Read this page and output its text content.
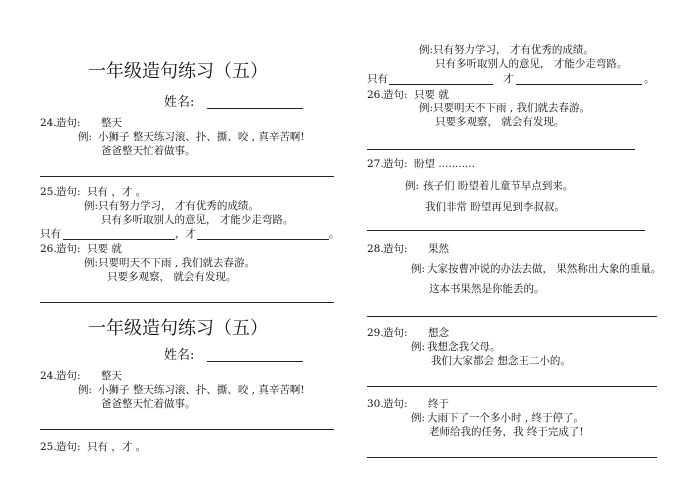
一年级造句练习（五）
姓名:
24. 造句: 整天
例: 小狮子 整天练习滚、扑、撕、咬 , 真辛苦啊!
爸爸整天忙着做事。
25. 造句: 只有 ，才 。
例: 只有努力学习， 才有优秀的成绩。
只有多听取别人的意见， 才能少走弯路。
只有	，才	。
26. 造句: 只要 就
例: 只要明天不下雨 , 我们就去春游。
只要多观察， 就会有发现。
一年级造句练习（五）
姓名:
24. 造句: 整天
例: 小狮子 整天练习滚、扑、撕、咬 , 真辛苦啊!
爸爸整天忙着做事。
25. 造句: 只有 ，才 。
例: 只有努力学习， 才有优秀的成绩。
只有多听取别人的意见， 才能少走弯路。
只有	才	。
26. 造句: 只要 就
例: 只要明天不下雨 , 我们就去春游。
只要多观察， 就会有发现。
27. 造句: 盼望 ...........
例: 孩子们 盼望着儿童节早点到来。
我们非常 盼望再见到李叔叔。
28. 造句: 果然
例: 大家按曹冲说的办法去做， 果然称出大象的重量。
这本书果然是你能丢的。
29. 造句: 想念
例: 我想念我父母。
我们大家都会 想念王二小的。
30. 造句: 终于
例: 大雨下了一个多小时 , 终于停了。
老师给我的任务，我 终于完成了!
